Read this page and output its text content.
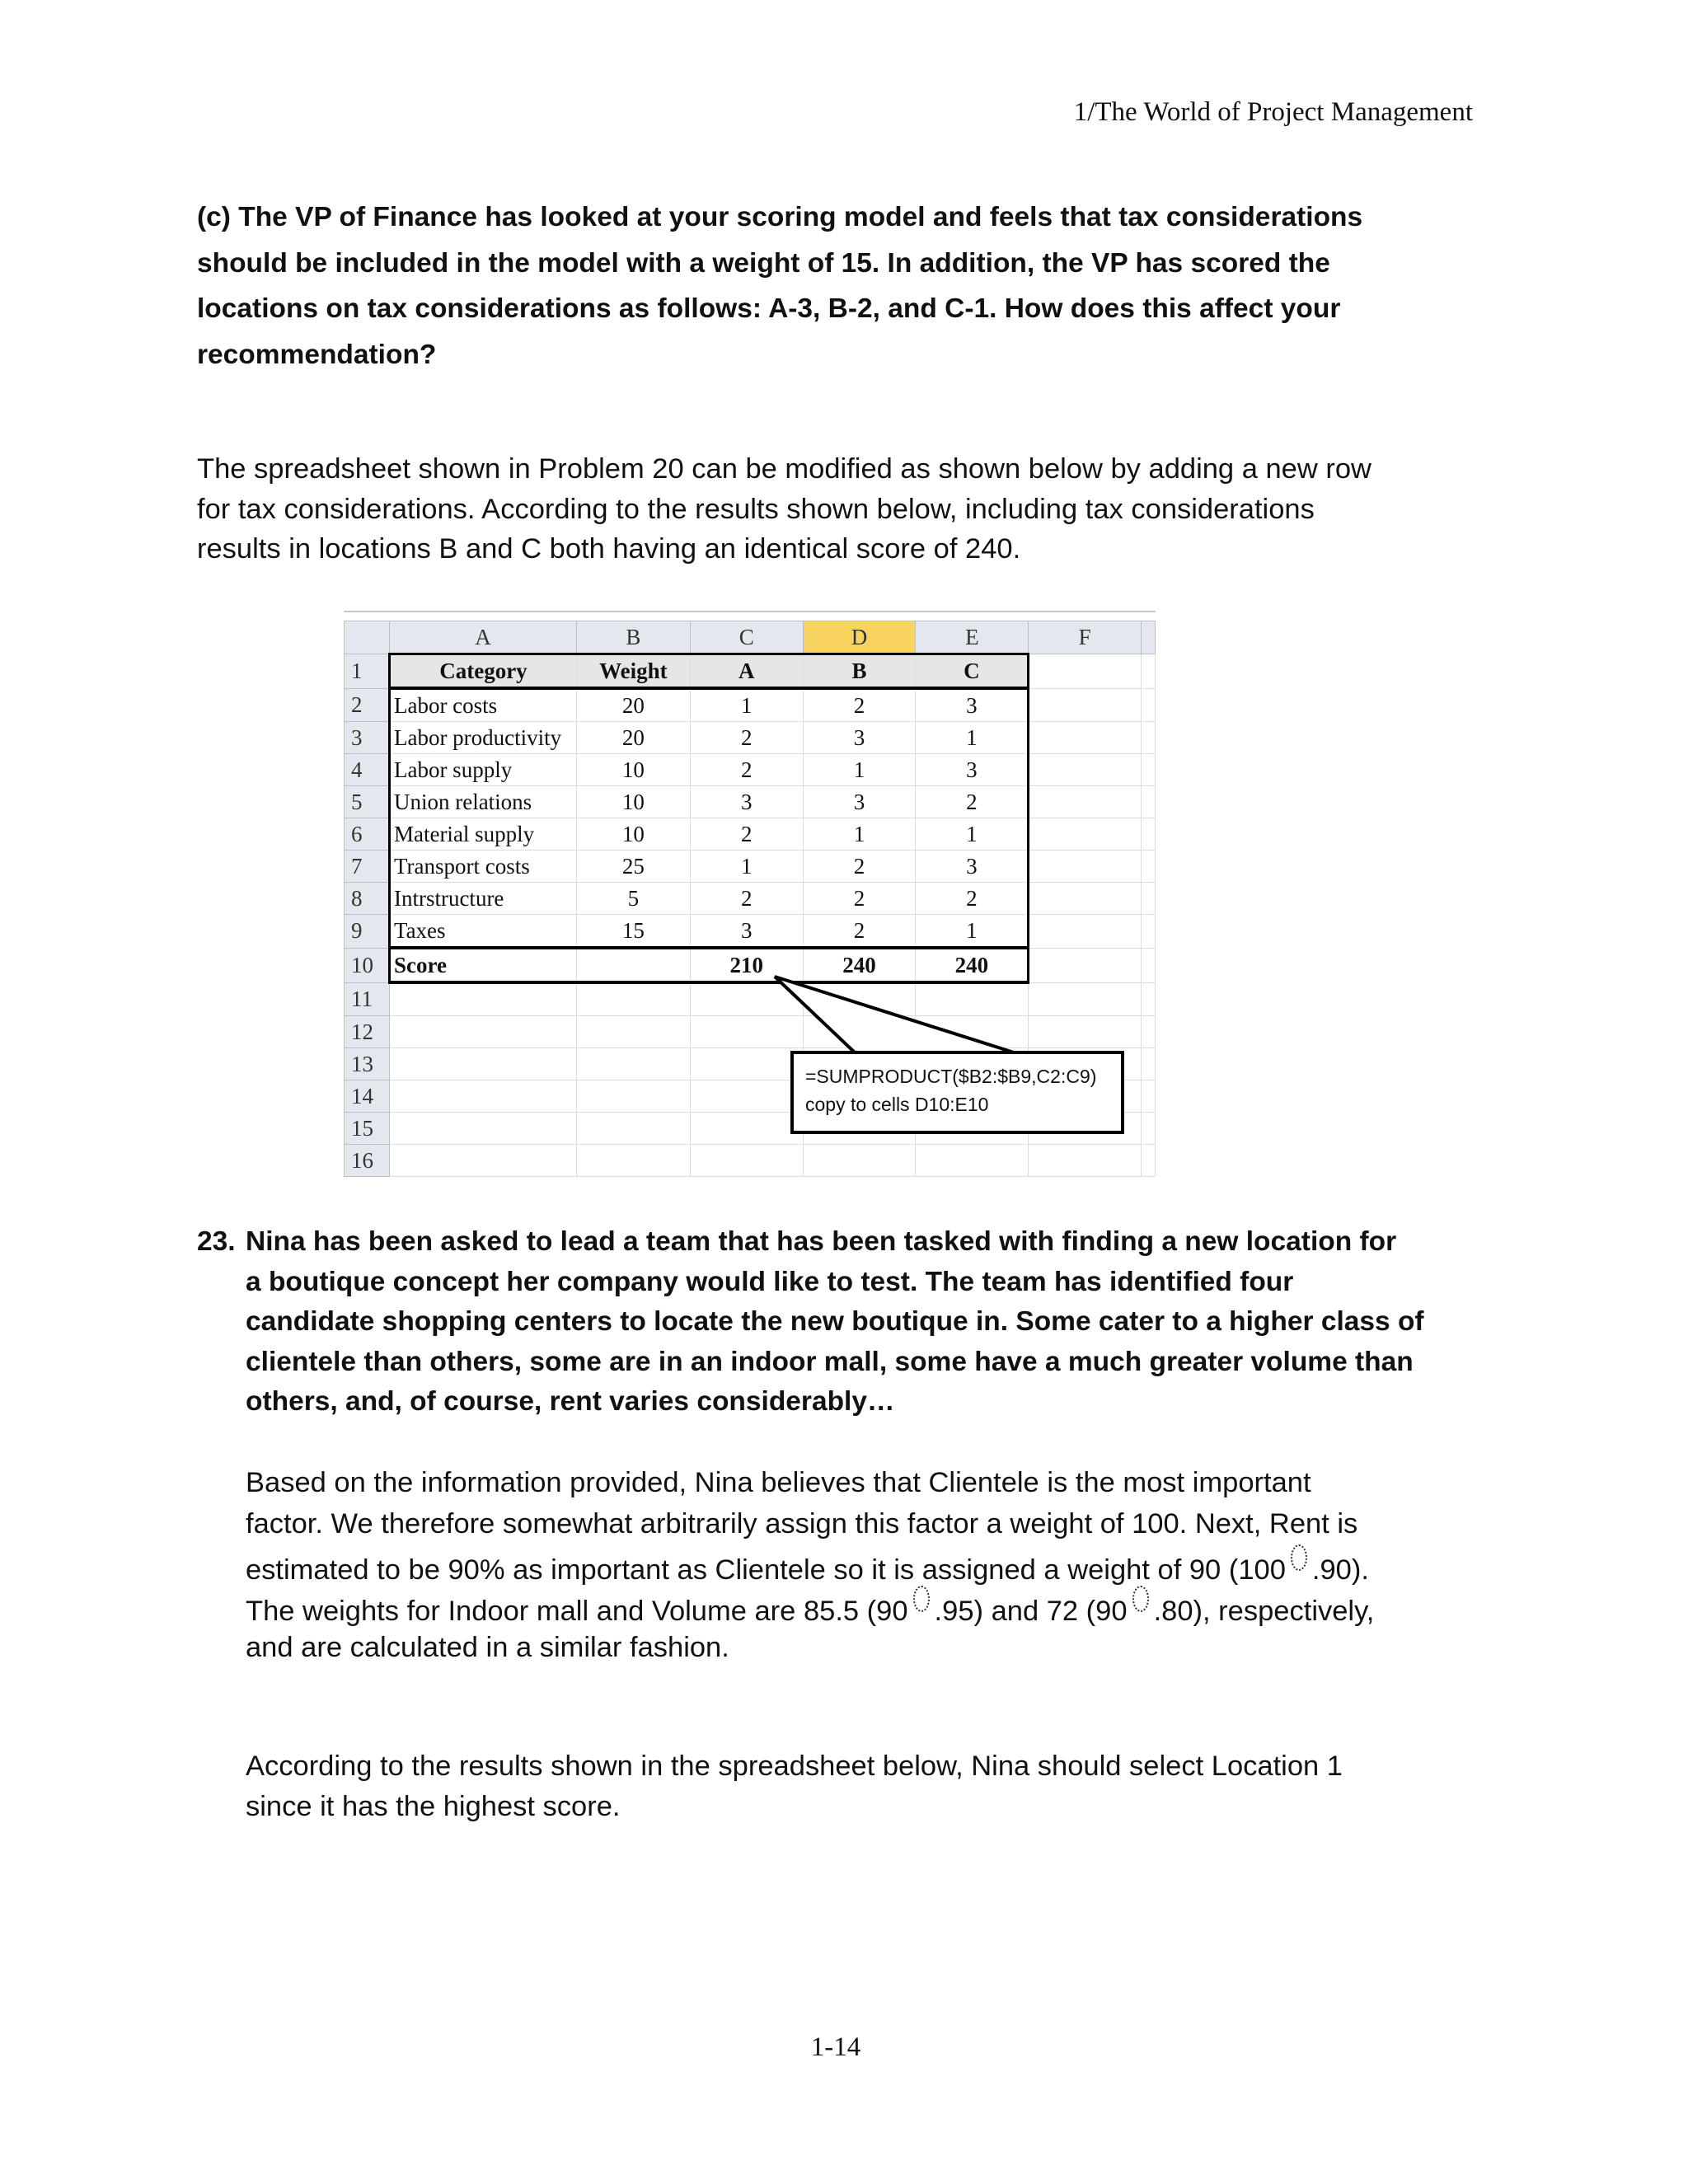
1/The World of Project Management
(c) The VP of Finance has looked at your scoring model and feels that tax considerations
should be included in the model with a weight of 15. In addition, the VP has scored the
locations on tax considerations as follows: A-3, B-2, and C-1. How does this affect your
recommendation?
The spreadsheet shown in Problem 20 can be modified as shown below by adding a new row
for tax considerations. According to the results shown below, including tax considerations
results in locations B and C both having an identical score of 240.
	A	B	C	D	E	F	
1	Category	Weight	A	B	C		
2	Labor costs	20	1	2	3		
3	Labor productivity	20	2	3	1		
4	Labor supply	10	2	1	3		
5	Union relations	10	3	3	2		
6	Material supply	10	2	1	1		
7	Transport costs	25	1	2	3		
8	Intrstructure	5	2	2	2		
9	Taxes	15	3	2	1		
10	Score		210	240	240		
11							
12							
13							
14							
15							
16							
=SUMPRODUCT($B2:$B9,C2:C9)
copy to cells D10:E10
23. Nina has been asked to lead a team that has been tasked with finding a new location for
a boutique concept her company would like to test. The team has identified four
candidate shopping centers to locate the new boutique in. Some cater to a higher class of
clientele than others, some are in an indoor mall, some have a much greater volume than
others, and, of course, rent varies considerably…
Based on the information provided, Nina believes that Clientele is the most important
factor. We therefore somewhat arbitrarily assign this factor a weight of 100. Next, Rent is
estimated to be 90% as important as Clientele so it is assigned a weight of 90 (100 .90).
The weights for Indoor mall and Volume are 85.5 (90 .95) and 72 (90 .80), respectively,
and are calculated in a similar fashion.
According to the results shown in the spreadsheet below, Nina should select Location 1
since it has the highest score.
1-14
